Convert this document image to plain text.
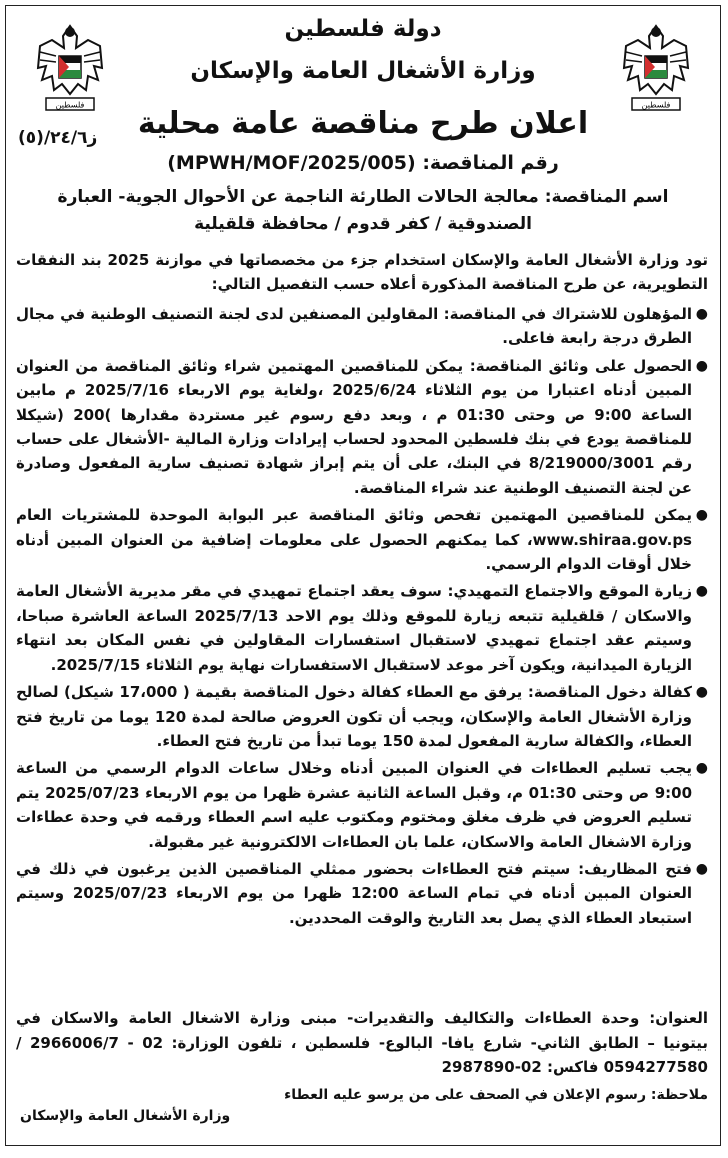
فلسطين
فلسطين
دولة فلسطين
وزارة الأشغال العامة والإسكان
اعلان طرح مناقصة عامة محلية
ز٢٤/٦/(٥)
رقم المناقصة: (MPWH/MOF/2025/005)
اسم المناقصة: معالجة الحالات الطارئة الناجمة عن الأحوال الجوية- العبارة الصندوقية / كفر قدوم / محافظة قلقيلية
تود وزارة الأشغال العامة والإسكان استخدام جزء من مخصصاتها في موازنة 2025 بند النفقات التطويرية، عن طرح المناقصة المذكورة أعلاه حسب التفصيل التالي:
●
المؤهلون للاشتراك في المناقصة: المقاولين المصنفين لدى لجنة التصنيف الوطنية في مجال الطرق درجة رابعة فاعلى.
●
الحصول على وثائق المناقصة: يمكن للمناقصين المهتمين شراء وثائق المناقصة من العنوان المبين أدناه اعتبارا من يوم الثلاثاء 2025/6/24 ،ولغاية يوم الاربعاء 2025/7/16 م مابين الساعة 9:00 ص وحتى 01:30 م ، وبعد دفع رسوم غير مستردة مقدارها )200 (شيكلا للمناقصة يودع في بنك فلسطين المحدود لحساب إيرادات وزارة المالية -الأشغال على حساب رقم 8/219000/3001 في البنك، على أن يتم إبراز شهادة تصنيف سارية المفعول وصادرة عن لجنة التصنيف الوطنية عند شراء المناقصة.
●
يمكن للمناقصين المهتمين تفحص وثائق المناقصة عبر البوابة الموحدة للمشتريات العام www.shiraa.gov.ps، كما يمكنهم الحصول على معلومات إضافية من العنوان المبين أدناه خلال أوقات الدوام الرسمي.
●
زيارة الموقع والاجتماع التمهيدي: سوف يعقد اجتماع تمهيدي في مقر مديرية الأشغال العامة والاسكان / قلقيلية تتبعه زيارة للموقع وذلك يوم الاحد 2025/7/13 الساعة العاشرة صباحا، وسيتم عقد اجتماع تمهيدي لاستقبال استفسارات المقاولين في نفس المكان بعد انتهاء الزيارة الميدانية، ويكون آخر موعد لاستقبال الاستفسارات نهاية يوم الثلاثاء 2025/7/15.
●
كفالة دخول المناقصة: يرفق مع العطاء كفالة دخول المناقصة بقيمة ( 17،000 شيكل) لصالح وزارة الأشغال العامة والإسكان، ويجب أن تكون العروض صالحة لمدة 120 يوما من تاريخ فتح العطاء، والكفالة سارية المفعول لمدة 150 يوما تبدأ من تاريخ فتح العطاء.
●
يجب تسليم العطاءات في العنوان المبين أدناه وخلال ساعات الدوام الرسمي من الساعة 9:00 ص وحتى 01:30 م، وقبل الساعة الثانية عشرة ظهرا من يوم الاربعاء 2025/07/23 يتم تسليم العروض في ظرف مغلق ومختوم ومكتوب عليه اسم العطاء ورقمه في وحدة عطاءات وزارة الاشغال العامة والاسكان، علما بان العطاءات الالكترونية غير مقبولة.
●
فتح المظاريف: سيتم فتح العطاءات بحضور ممثلي المناقصين الذين يرغبون في ذلك في العنوان المبين أدناه في تمام الساعة 12:00 ظهرا من يوم الاربعاء 2025/07/23 وسيتم استبعاد العطاء الذي يصل بعد التاريخ والوقت المحددين.
العنوان: وحدة العطاءات والتكاليف والتقديرات- مبنى وزارة الاشغال العامة والاسكان في بيتونيا – الطابق الثاني- شارع يافا- البالوع- فلسطين ، تلفون الوزارة: 02 - 2966006/7 / 0594277580 فاكس: 02-2987890
ملاحظة: رسوم الإعلان في الصحف على من يرسو عليه العطاء
وزارة الأشغال العامة والإسكان
